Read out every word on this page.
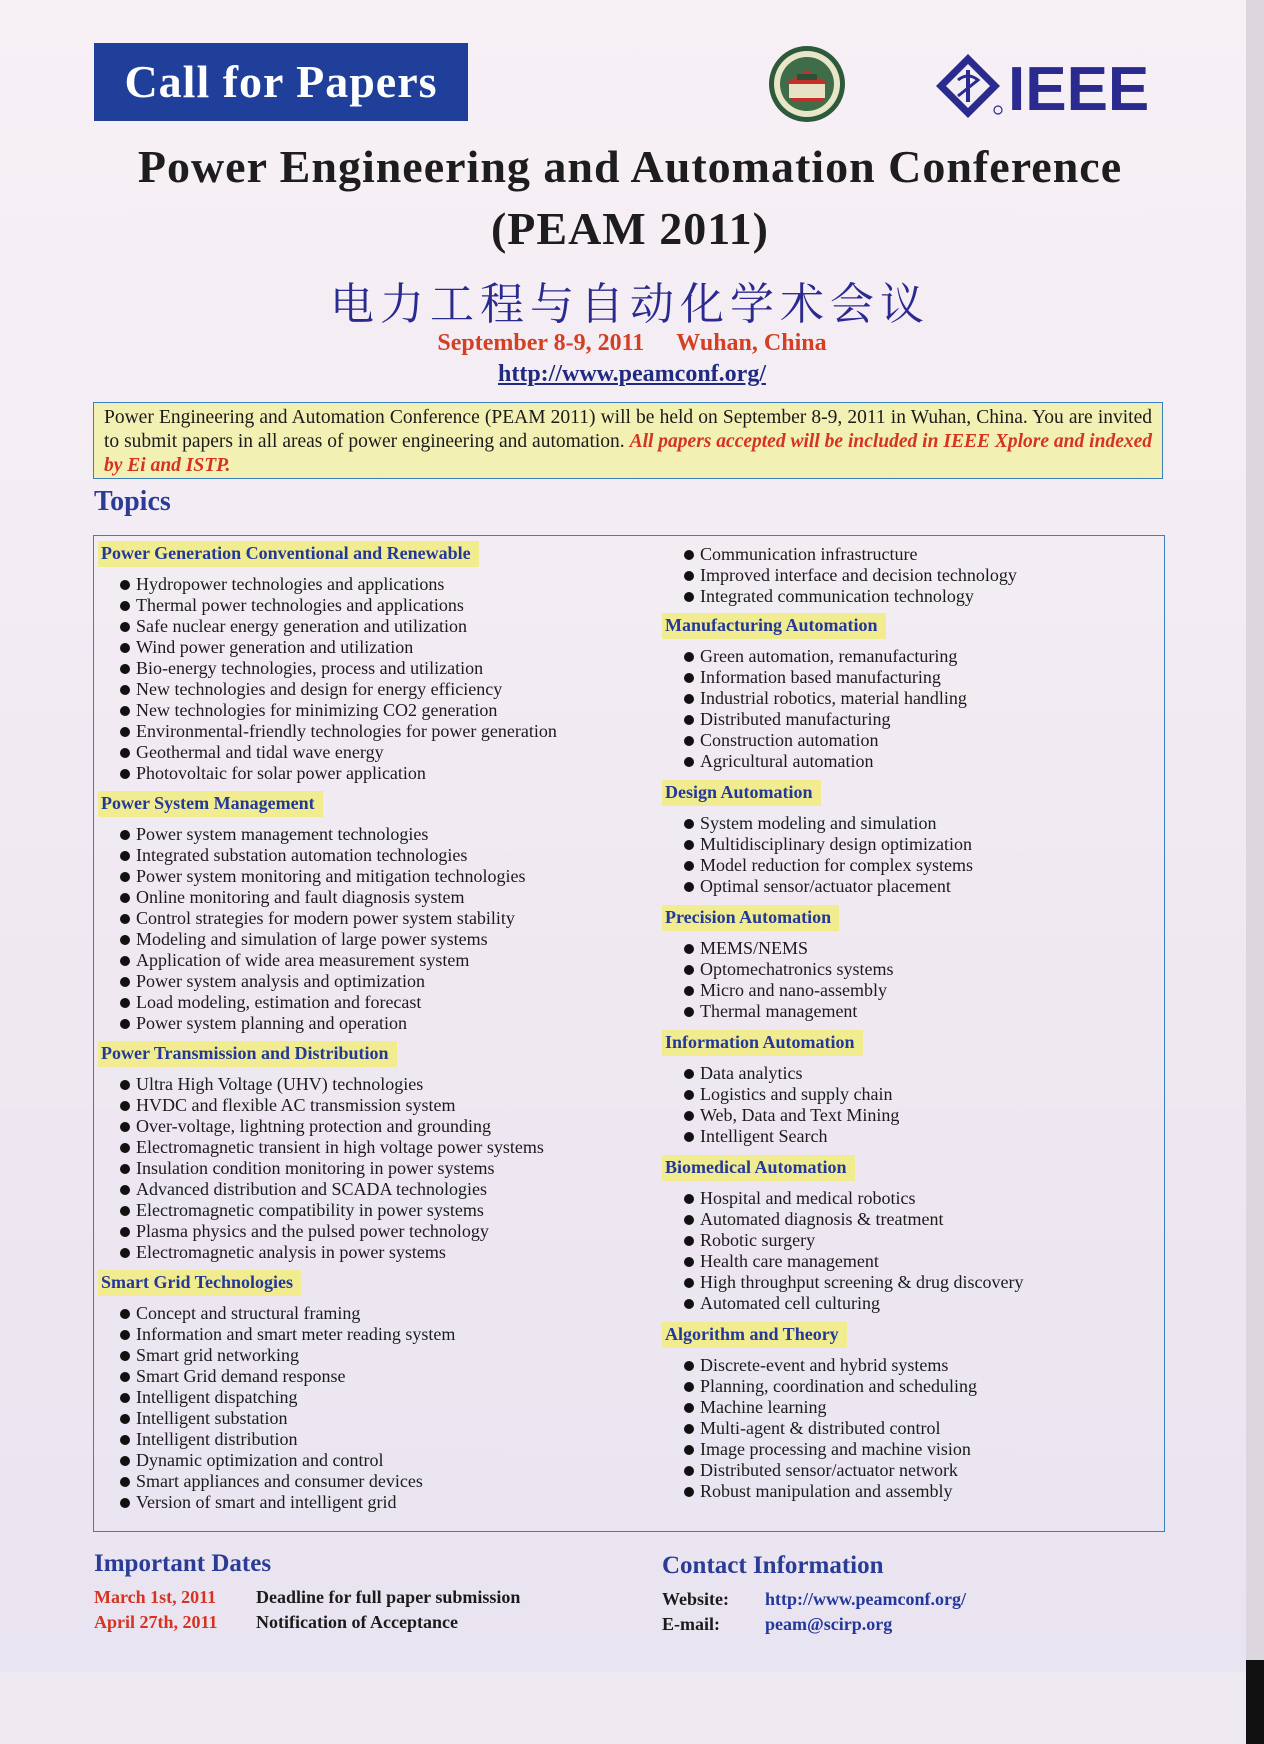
Call for Papers	IEEE
Power Engineering and Automation Conference
(PEAM 2011)
电力工程与自动化学术会议
September 8-9, 2011 Wuhan, China
http://www.peamconf.org/
Power Engineering and Automation Conference (PEAM 2011) will be held on September 8-9, 2011 in Wuhan, China. You are invited to submit papers in all areas of power engineering and automation. All papers accepted will be included in IEEE Xplore and indexed by Ei and ISTP.
Topics
Power Generation Conventional and Renewable
Hydropower technologies and applications
Thermal power technologies and applications
Safe nuclear energy generation and utilization
Wind power generation and utilization
Bio-energy technologies, process and utilization
New technologies and design for energy efficiency
New technologies for minimizing CO2 generation
Environmental-friendly technologies for power generation
Geothermal and tidal wave energy
Photovoltaic for solar power application
Power System Management
Power system management technologies
Integrated substation automation technologies
Power system monitoring and mitigation technologies
Online monitoring and fault diagnosis system
Control strategies for modern power system stability
Modeling and simulation of large power systems
Application of wide area measurement system
Power system analysis and optimization
Load modeling, estimation and forecast
Power system planning and operation
Power Transmission and Distribution
Ultra High Voltage (UHV) technologies
HVDC and flexible AC transmission system
Over-voltage, lightning protection and grounding
Electromagnetic transient in high voltage power systems
Insulation condition monitoring in power systems
Advanced distribution and SCADA technologies
Electromagnetic compatibility in power systems
Plasma physics and the pulsed power technology
Electromagnetic analysis in power systems
Smart Grid Technologies
Concept and structural framing
Information and smart meter reading system
Smart grid networking
Smart Grid demand response
Intelligent dispatching
Intelligent substation
Intelligent distribution
Dynamic optimization and control
Smart appliances and consumer devices
Version of smart and intelligent grid
Communication infrastructure
Improved interface and decision technology
Integrated communication technology
Manufacturing Automation
Green automation, remanufacturing
Information based manufacturing
Industrial robotics, material handling
Distributed manufacturing
Construction automation
Agricultural automation
Design Automation
System modeling and simulation
Multidisciplinary design optimization
Model reduction for complex systems
Optimal sensor/actuator placement
Precision Automation
MEMS/NEMS
Optomechatronics systems
Micro and nano-assembly
Thermal management
Information Automation
Data analytics
Logistics and supply chain
Web, Data and Text Mining
Intelligent Search
Biomedical Automation
Hospital and medical robotics
Automated diagnosis & treatment
Robotic surgery
Health care management
High throughput screening & drug discovery
Automated cell culturing
Algorithm and Theory
Discrete-event and hybrid systems
Planning, coordination and scheduling
Machine learning
Multi-agent & distributed control
Image processing and machine vision
Distributed sensor/actuator network
Robust manipulation and assembly
Important Dates
March 1st, 2011 Deadline for full paper submission
April 27th, 2011 Notification of Acceptance
Contact Information
Website: http://www.peamconf.org/
E-mail:	peam@scirp.org
